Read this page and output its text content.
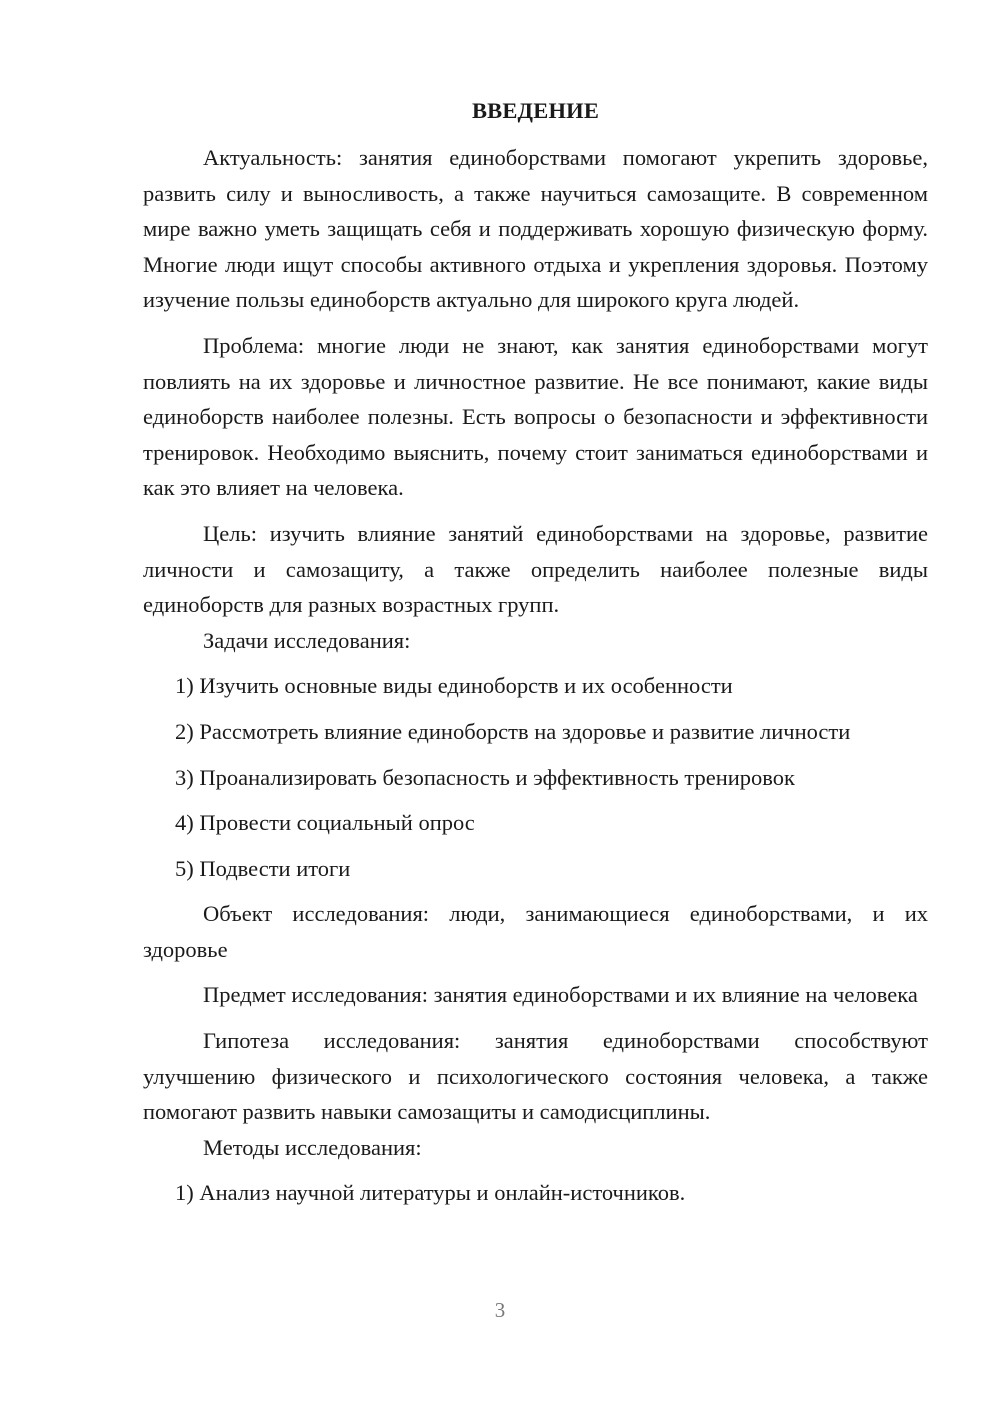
ВВЕДЕНИЕ

Актуальность: занятия единоборствами помогают укрепить здоровье, развить силу и выносливость, а также научиться самозащите. В современном мире важно уметь защищать себя и поддерживать хорошую физическую форму. Многие люди ищут способы активного отдыха и укрепления здоровья. Поэтому изучение пользы единоборств актуально для широкого круга людей.

Проблема: многие люди не знают, как занятия единоборствами могут повлиять на их здоровье и личностное развитие. Не все понимают, какие виды единоборств наиболее полезны. Есть вопросы о безопасности и эффективности тренировок. Необходимо выяснить, почему стоит заниматься единоборствами и как это влияет на человека.

Цель: изучить влияние занятий единоборствами на здоровье, развитие личности и самозащиту, а также определить наиболее полезные виды единоборств для разных возрастных групп.

Задачи исследования:

1) Изучить основные виды единоборств и их особенности

2) Рассмотреть влияние единоборств на здоровье и развитие личности

3) Проанализировать безопасность и эффективность тренировок

4) Провести социальный опрос

5) Подвести итоги

Объект исследования: люди, занимающиеся единоборствами, и их здоровье

Предмет исследования: занятия единоборствами и их влияние на человека

Гипотеза исследования: занятия единоборствами способствуют улучшению физического и психологического состояния человека, а также помогают развить навыки самозащиты и самодисциплины.

Методы исследования:

1) Анализ научной литературы и онлайн-источников.

3
